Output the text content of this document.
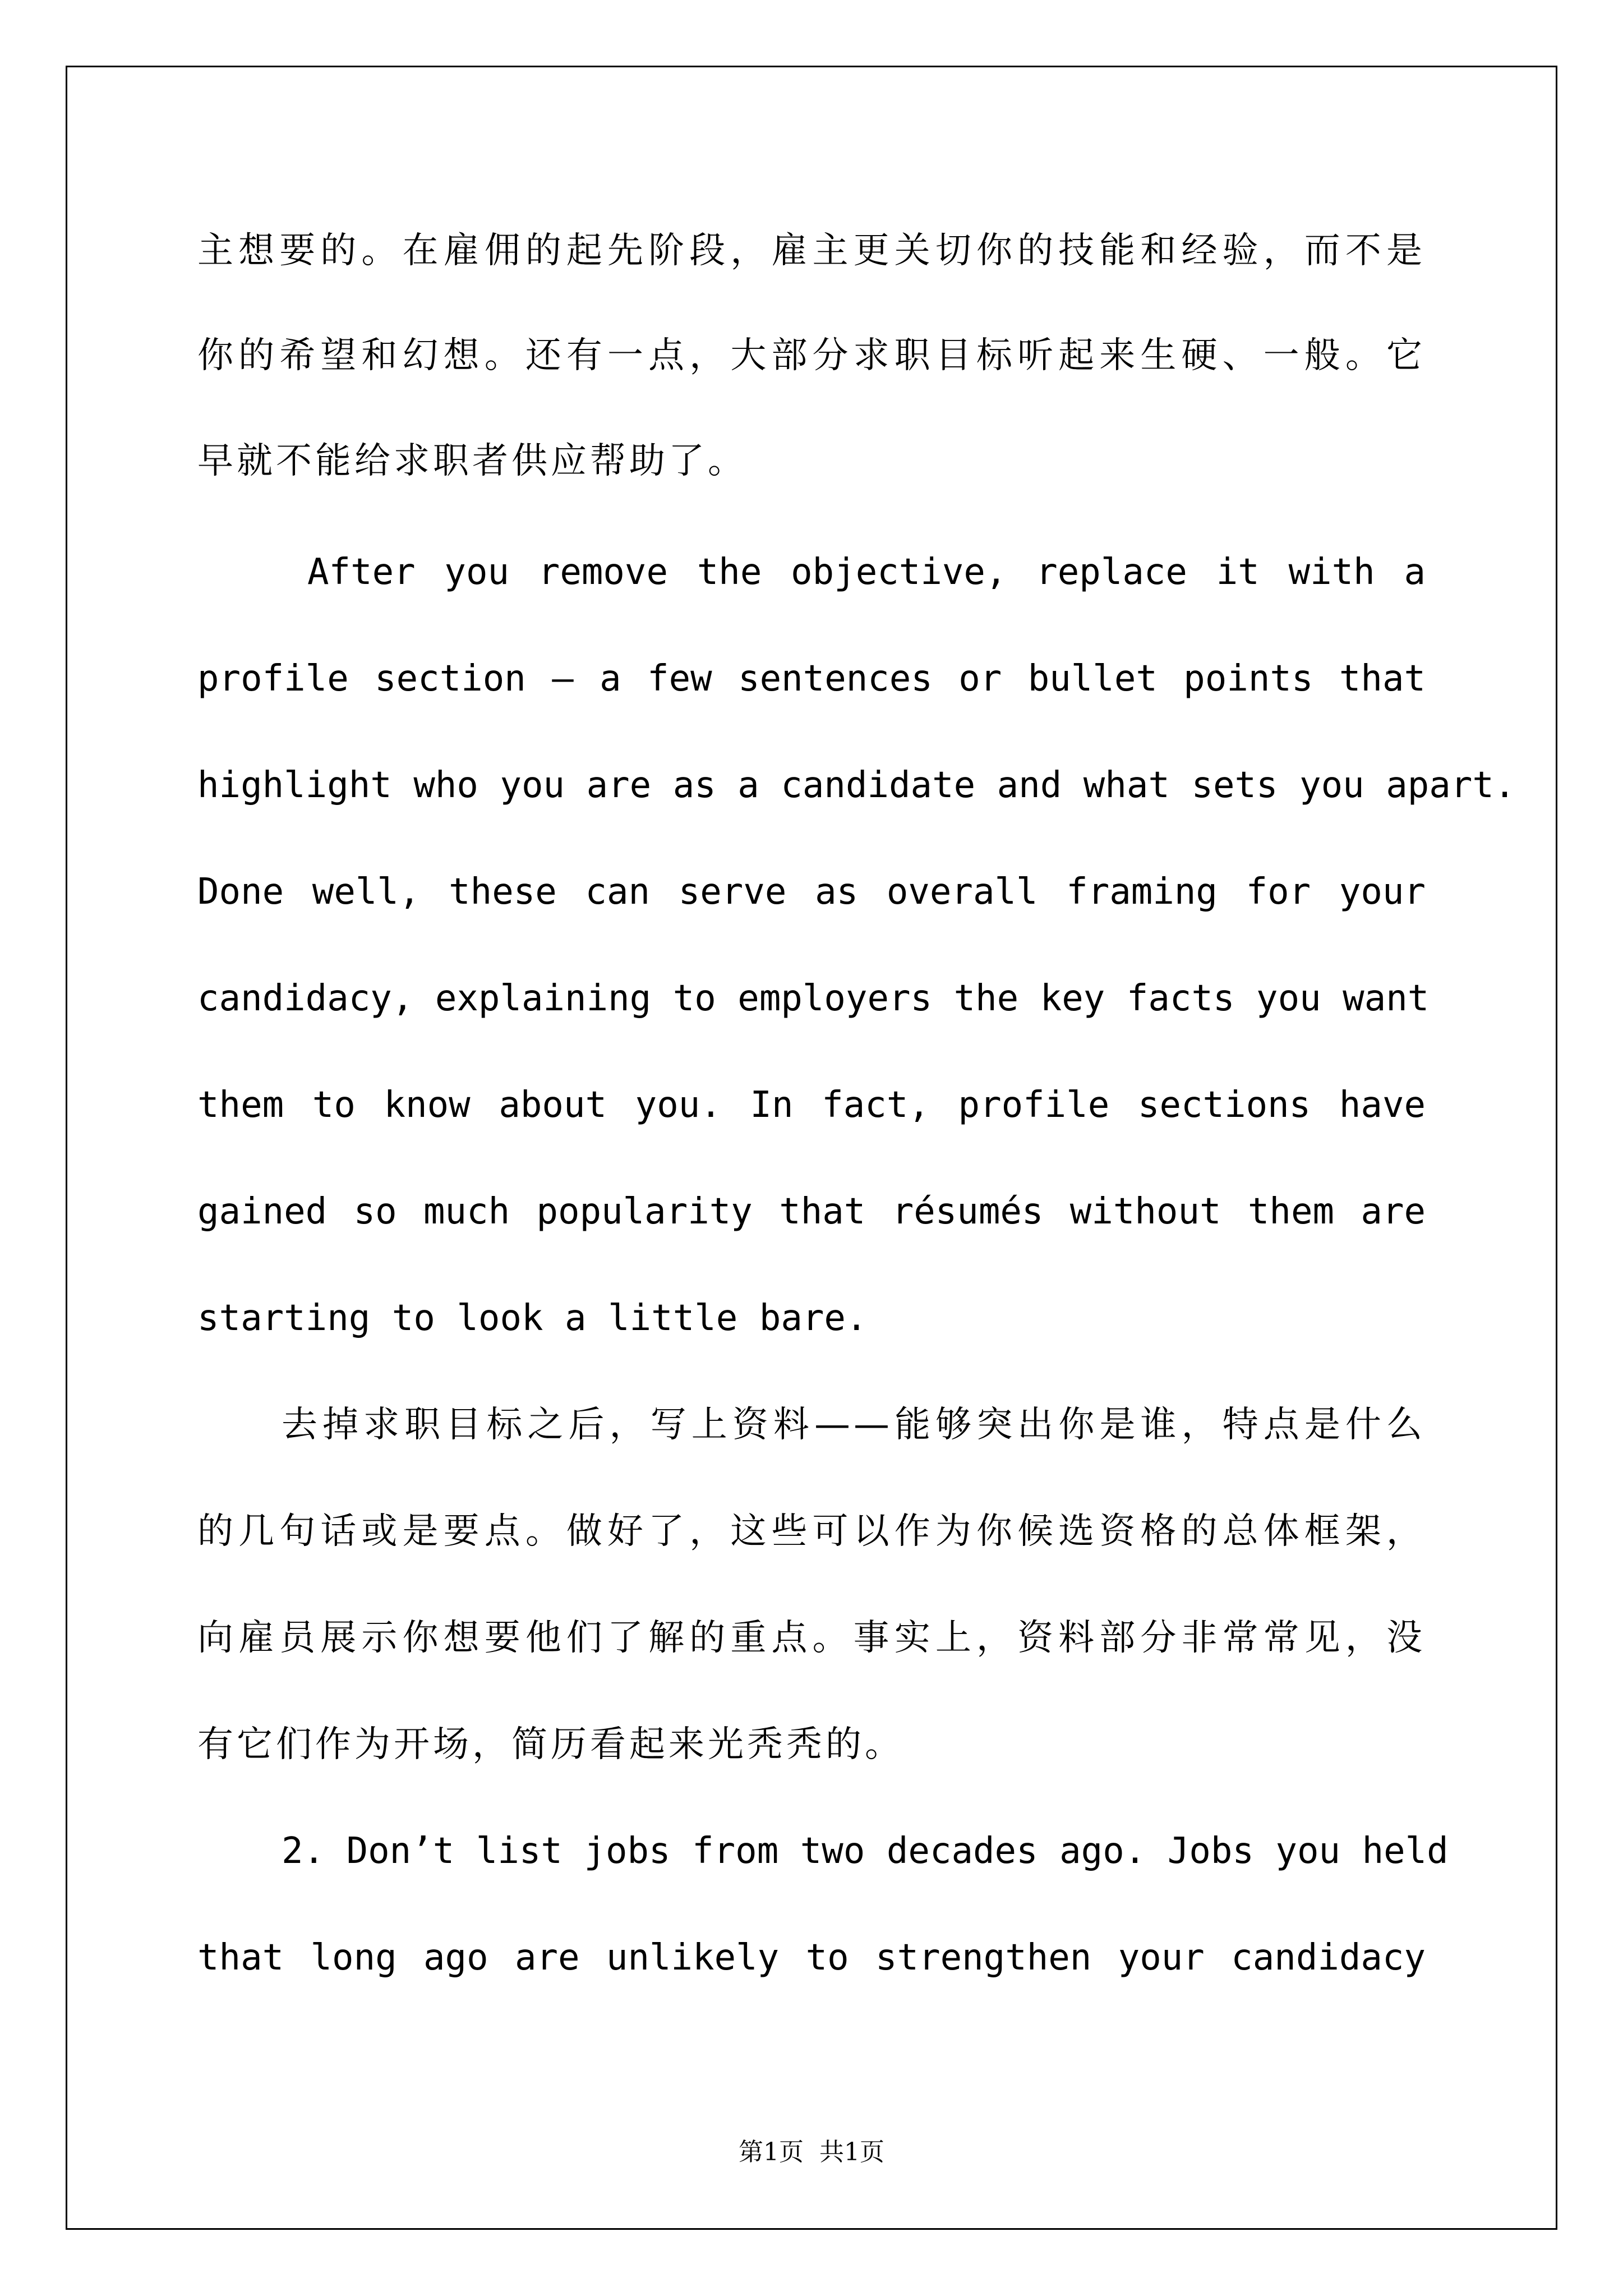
主想要的。在雇佣的起先阶段，雇主更关切你的技能和经验，而不是
你的希望和幻想。还有一点，大部分求职目标听起来生硬、一般。它
早就不能给求职者供应帮助了。
After you remove the objective, replace it with a
profile section – a few sentences or bullet points that
highlight who you are as a candidate and what sets you apart.
Done well, these can serve as overall framing for your
candidacy, explaining to employers the key facts you want
them to know about you. In fact, profile sections have
gained so much popularity that résumés without them are
starting to look a little bare.
去掉求职目标之后，写上资料——能够突出你是谁，特点是什么
的几句话或是要点。做好了，这些可以作为你候选资格的总体框架，
向雇员展示你想要他们了解的重点。事实上，资料部分非常常见，没
有它们作为开场，简历看起来光秃秃的。
2. Don’t list jobs from two decades ago. Jobs you held
that long ago are unlikely to strengthen your candidacy
第1页 共1页
